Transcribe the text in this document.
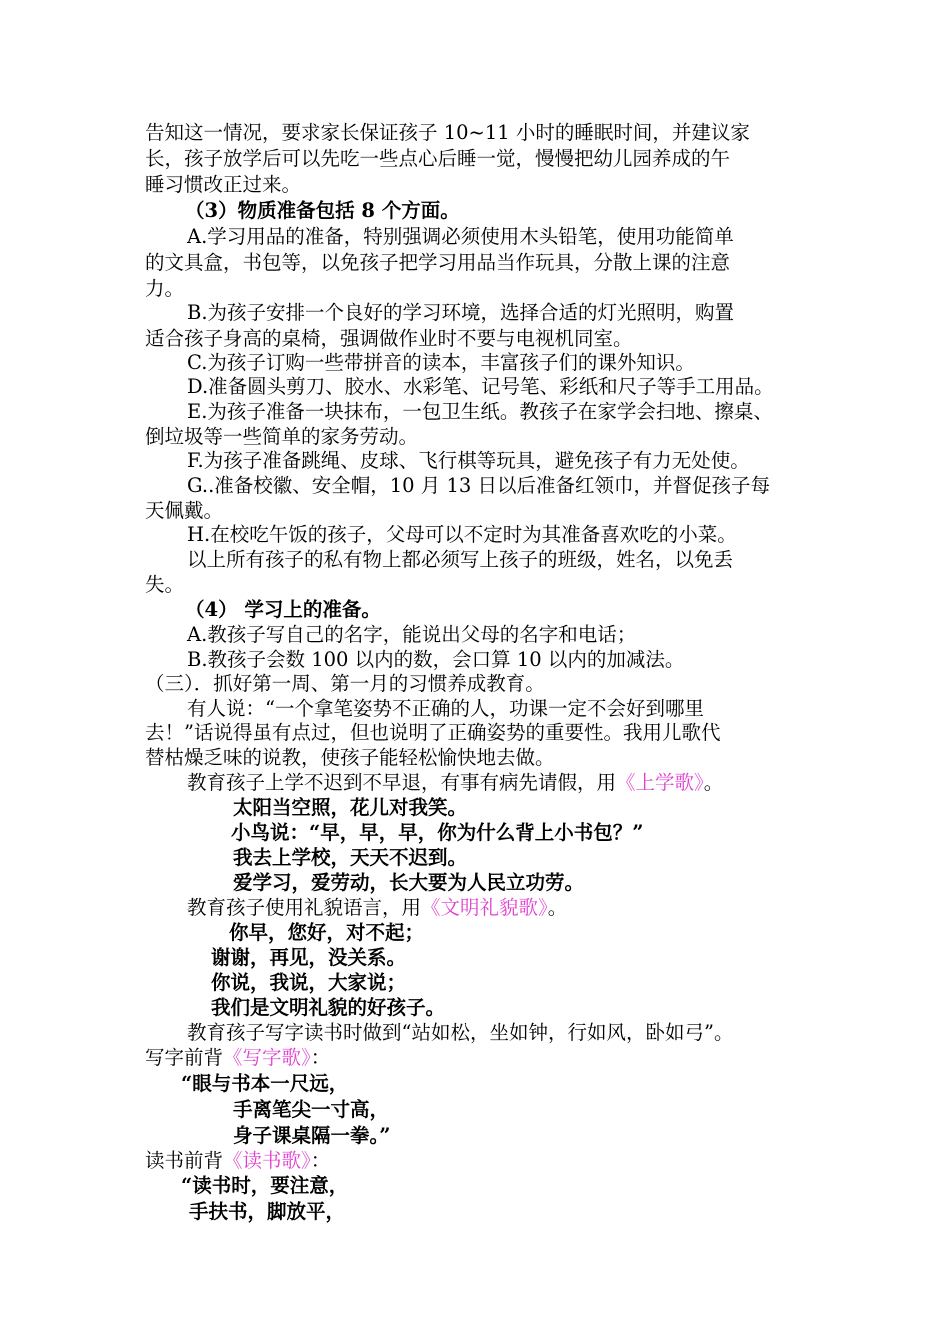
告知这一情况，要求家长保证孩子 10~11 小时的睡眠时间，并建议家
长，孩子放学后可以先吃一些点心后睡一觉，慢慢把幼儿园养成的午
睡习惯改正过来。
（3）物质准备包括 8 个方面。
A.学习用品的准备，特别强调必须使用木头铅笔，使用功能简单
的文具盒，书包等，以免孩子把学习用品当作玩具，分散上课的注意
力。
B.为孩子安排一个良好的学习环境，选择合适的灯光照明，购置
适合孩子身高的桌椅，强调做作业时不要与电视机同室。
C.为孩子订购一些带拼音的读本，丰富孩子们的课外知识。
D.准备圆头剪刀、胶水、水彩笔、记号笔、彩纸和尺子等手工用品。
E.为孩子准备一块抹布，一包卫生纸。教孩子在家学会扫地、擦桌、
倒垃圾等一些简单的家务劳动。
F.为孩子准备跳绳、皮球、飞行棋等玩具，避免孩子有力无处使。
G..准备校徽、安全帽，10 月 13 日以后准备红领巾，并督促孩子每
天佩戴。
H.在校吃午饭的孩子，父母可以不定时为其准备喜欢吃的小菜。
以上所有孩子的私有物上都必须写上孩子的班级，姓名，以免丢
失。
（4） 学习上的准备。
A.教孩子写自己的名字，能说出父母的名字和电话；
B.教孩子会数 100 以内的数，会口算 10 以内的加减法。
（三）．抓好第一周、第一月的习惯养成教育。
有人说：“一个拿笔姿势不正确的人，功课一定不会好到哪里
去！”话说得虽有点过，但也说明了正确姿势的重要性。我用儿歌代
替枯燥乏味的说教，使孩子能轻松愉快地去做。
教育孩子上学不迟到不早退，有事有病先请假，用《上学歌》。
太阳当空照，花儿对我笑。
小鸟说：“早，早，早，你为什么背上小书包？”
我去上学校，天天不迟到。
爱学习，爱劳动，长大要为人民立功劳。
教育孩子使用礼貌语言，用《文明礼貌歌》。
你早，您好，对不起；
谢谢，再见，没关系。
你说，我说，大家说；
我们是文明礼貌的好孩子。
教育孩子写字读书时做到“站如松，坐如钟，行如风，卧如弓”。
写字前背《写字歌》：
“眼与书本一尺远，
手离笔尖一寸高，
身子课桌隔一拳。”
读书前背《读书歌》：
“读书时，要注意，
手扶书，脚放平，
